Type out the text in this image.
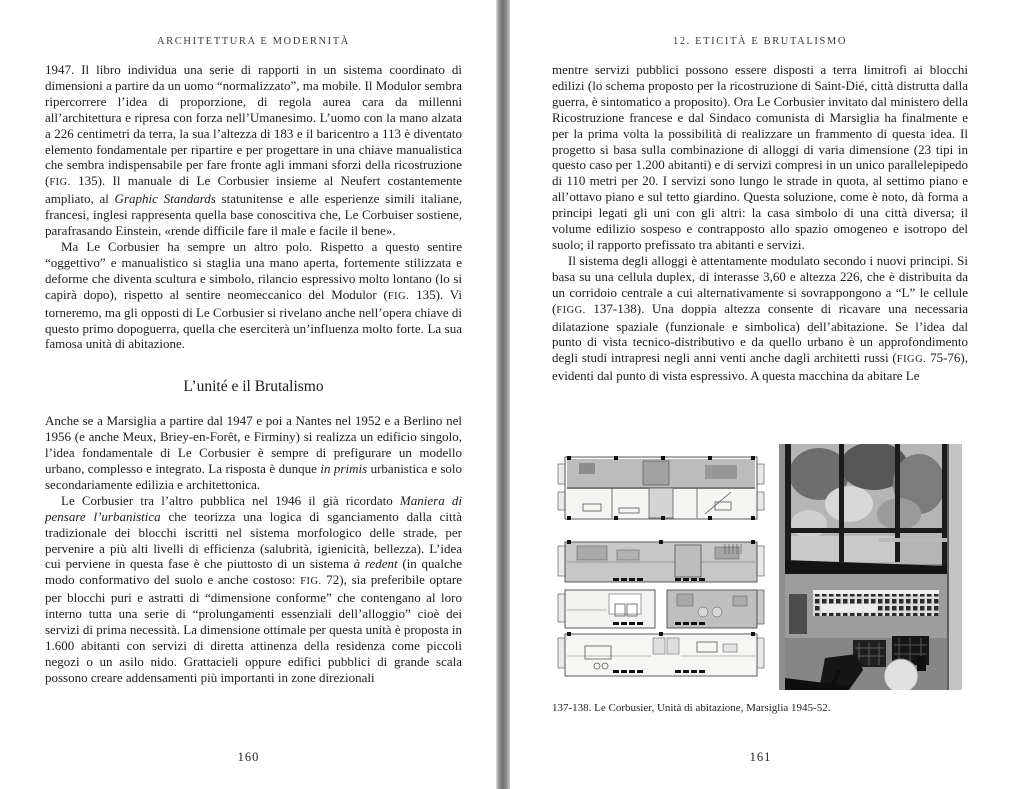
ARCHITETTURA E MODERNITÀ

1947. Il libro individua una serie di rapporti in un sistema coordinato di dimensioni a partire da un uomo “normalizzato”, ma mobile. Il Modulor sembra ripercorrere l’idea di proporzione, di regola aurea cara da millenni all’architettura e ripresa con forza nell’Umanesimo. L’uomo con la mano alzata a 226 centimetri da terra, la sua l’altezza di 183 e il baricentro a 113 è diventato elemento fondamentale per ripartire e per progettare in una chiave manualistica che sembra indispensabile per fare fronte agli immani sforzi della ricostruzione (FIG. 135). Il manuale di Le Corbusier insieme al Neufert costantemente ampliato, al Graphic Standards statunitense e alle esperienze simili italiane, francesi, inglesi rappresenta quella base conoscitiva che, Le Corbuiser sostiene, parafrasando Einstein, «rende difficile fare il male e facile il bene».

Ma Le Corbusier ha sempre un altro polo. Rispetto a questo sentire “oggettivo” e manualistico si staglia una mano aperta, fortemente stilizzata e deforme che diventa scultura e simbolo, rilancio espressivo molto lontano (lo si capirà dopo), rispetto al sentire neomeccanico del Modulor (FIG. 135). Vi torneremo, ma gli opposti di Le Corbusier si rivelano anche nell’opera chiave di questo primo dopoguerra, quella che eserciterà un’influenza molto forte. La sua famosa unità di abitazione.

L’unité e il Brutalismo

Anche se a Marsiglia a partire dal 1947 e poi a Nantes nel 1952 e a Berlino nel 1956 (e anche Meux, Briey-en-Forêt, e Firminy) si realizza un edificio singolo, l’idea fondamentale di Le Corbusier è sempre di prefigurare un modello urbano, complesso e integrato. La risposta è dunque in primis urbanistica e solo secondariamente edilizia e architettonica.

Le Corbusier tra l’altro pubblica nel 1946 il già ricordato Maniera di pensare l’urbanistica che teorizza una logica di sganciamento dalla città tradizionale dei blocchi iscritti nel sistema morfologico delle strade, per pervenire a più alti livelli di efficienza (salubrità, igienicità, bellezza). L’idea cui perviene in questa fase è che piuttosto di un sistema à redent (in qualche modo conformativo del suolo e anche costoso: FIG. 72), sia preferibile optare per blocchi puri e astratti di “dimensione conforme” che contengano al loro interno tutta una serie di “prolungamenti essenziali dell’alloggio” cioè dei servizi di prima necessità. La dimensione ottimale per questa unità è proposta in 1.600 abitanti con servizi di diretta attinenza della residenza come piccoli negozi o un asilo nido. Grattacieli oppure edifici pubblici di grande scala possono creare addensamenti più importanti in zone direzionali

160
12. ETICITÀ E BRUTALISMO

mentre servizi pubblici possono essere disposti a terra limitrofi ai blocchi edilizi (lo schema proposto per la ricostruzione di Saint-Dié, città distrutta dalla guerra, è sintomatico a proposito). Ora Le Corbusier invitato dal ministero della Ricostruzione francese e dal Sindaco comunista di Marsiglia ha finalmente e per la prima volta la possibilità di realizzare un frammento di questa idea. Il progetto si basa sulla combinazione di alloggi di varia dimensione (23 tipi in questo caso per 1.200 abitanti) e di servizi compresi in un unico parallelepipedo di 110 metri per 20. I servizi sono lungo le strade in quota, al settimo piano e all’ottavo piano e sul tetto giardino. Questa soluzione, come è noto, dà forma a principi legati gli uni con gli altri: la casa simbolo di una città diversa; il volume edilizio sospeso e contrapposto allo spazio omogeneo e isotropo del suolo; il rapporto prefissato tra abitanti e servizi.

Il sistema degli alloggi è attentamente modulato secondo i nuovi principi. Si basa su una cellula duplex, di interasse 3,60 e altezza 226, che è distribuita da un corridoio centrale a cui alternativamente si sovrappongono a “L” le cellule (FIGG. 137-138). Una doppia altezza consente di ricavare una necessaria dilatazione spaziale (funzionale e simbolica) dell’abitazione. Se l’idea dal punto di vista tecnico-distributivo e da quello urbano è un approfondimento degli studi intrapresi negli anni venti anche dagli architetti russi (FIGG. 75-76), evidenti dal punto di vista espressivo. A questa macchina da abitare Le

137-138. Le Corbusier, Unità di abitazione, Marsiglia 1945-52.
161
